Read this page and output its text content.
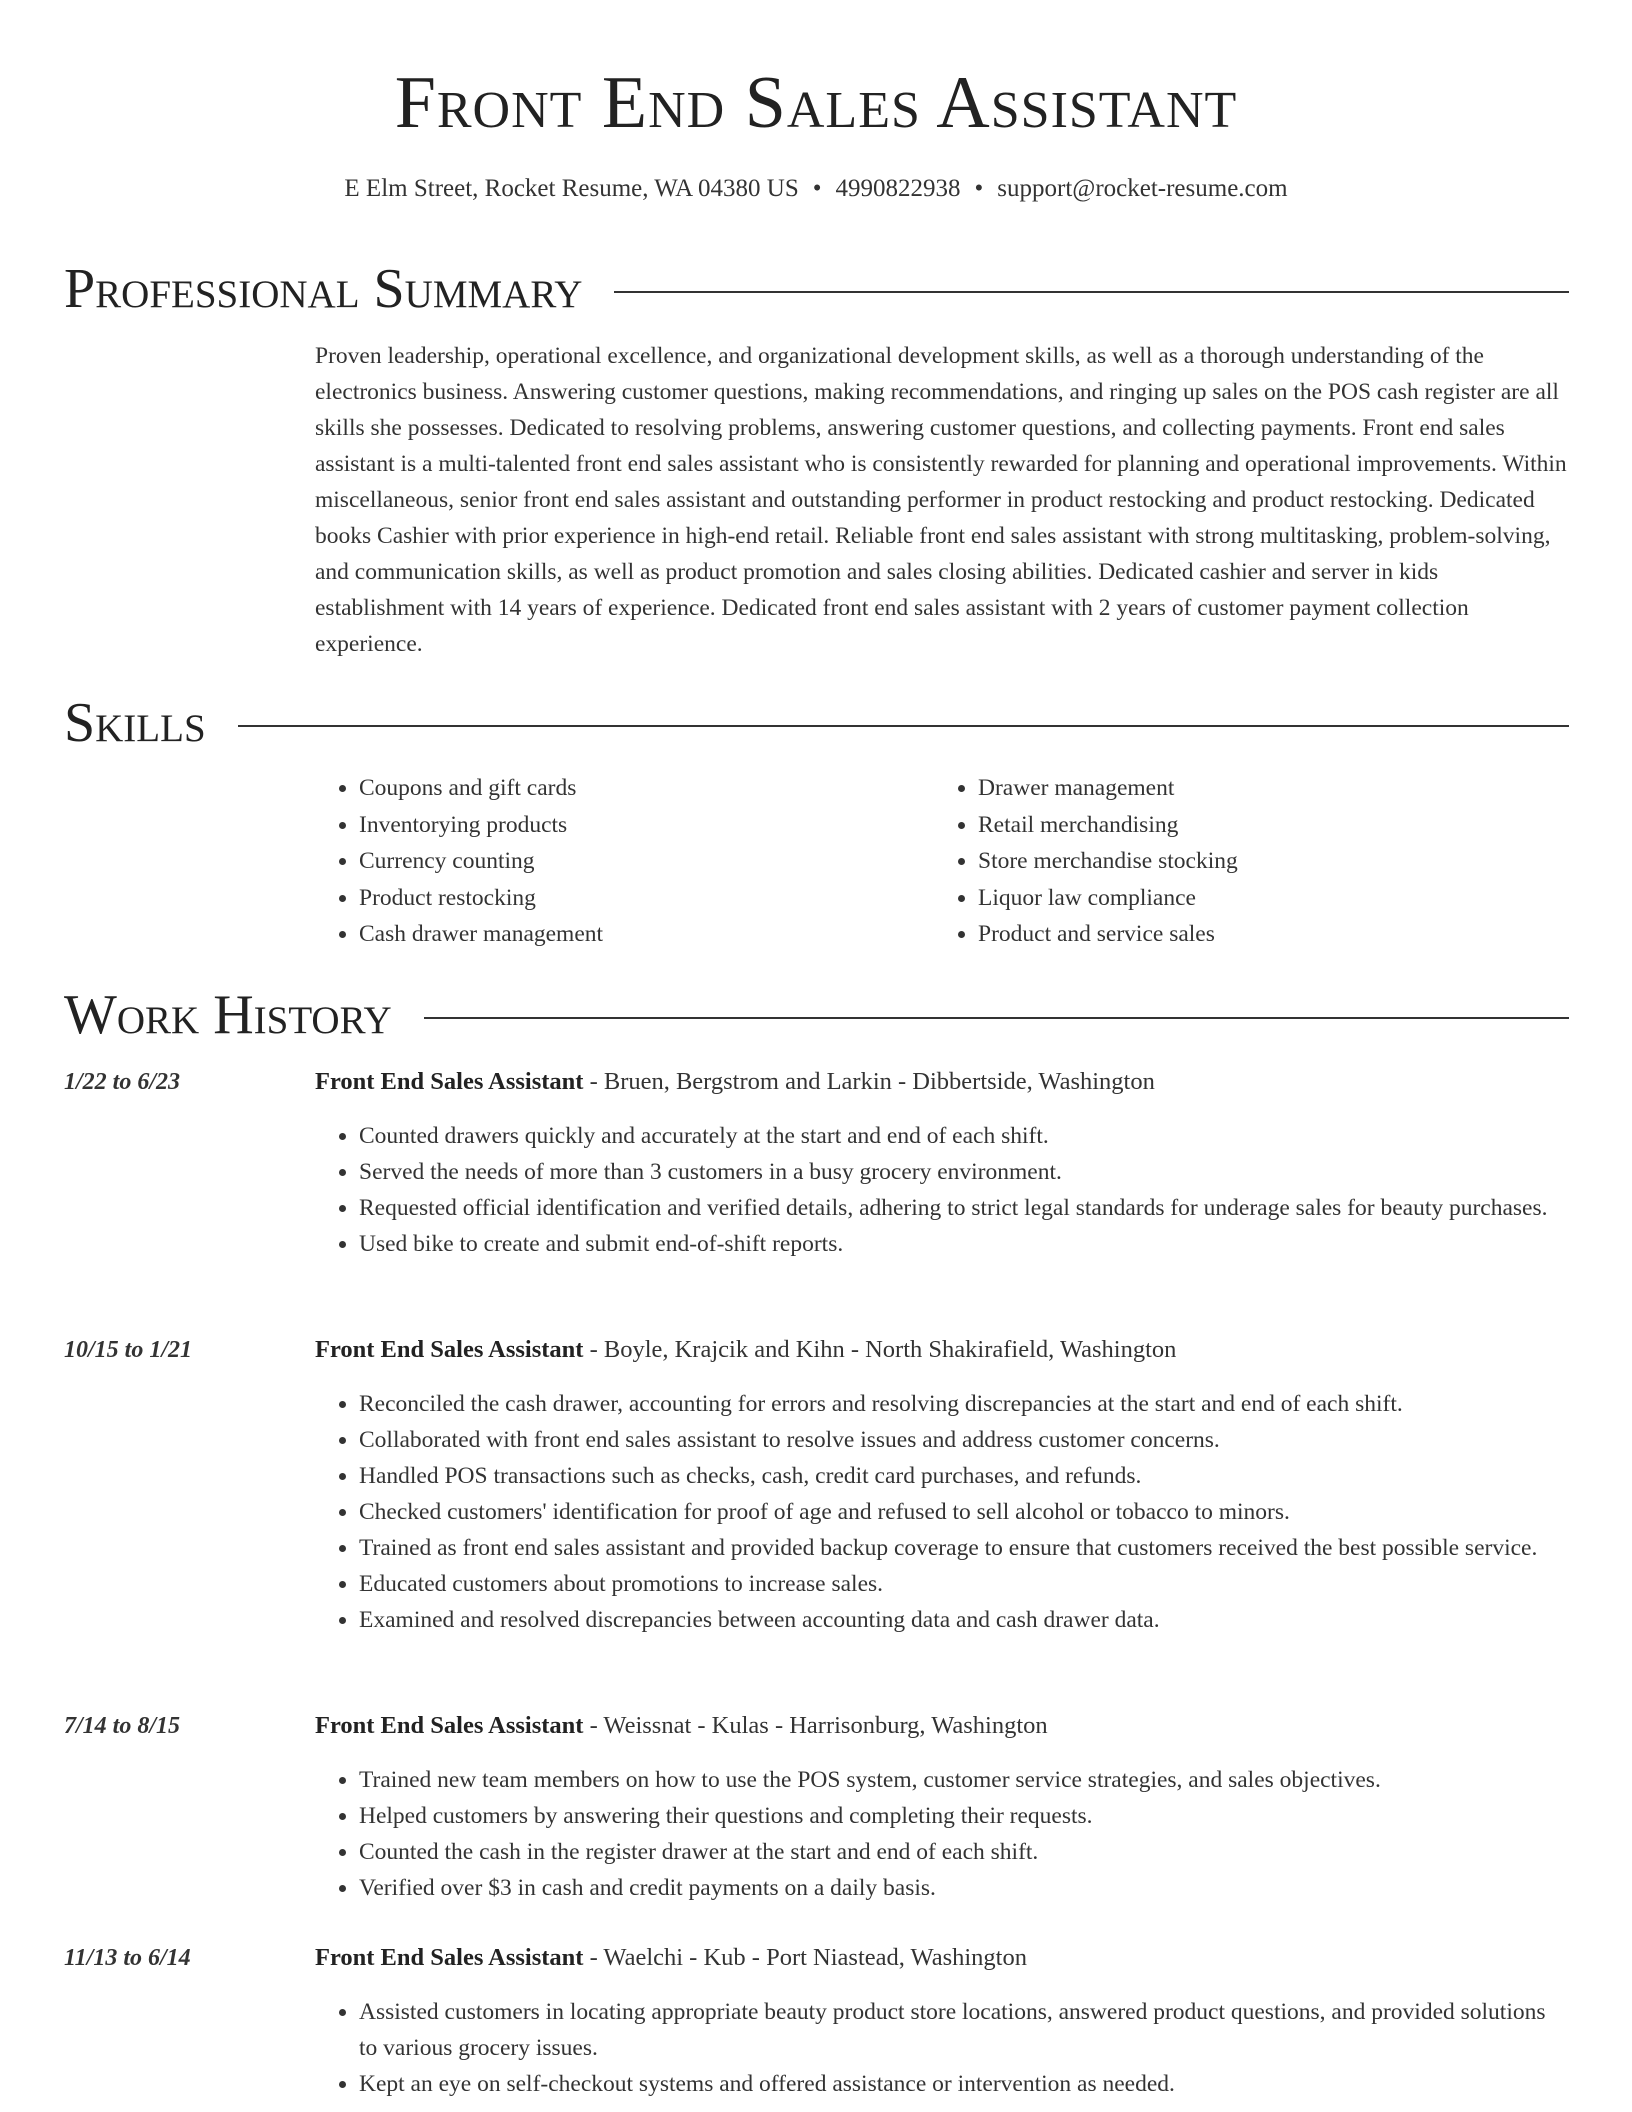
Front End Sales Assistant
E Elm Street, Rocket Resume, WA 04380 US • 4990822938 • support@rocket-resume.com
Professional Summary

Proven leadership, operational excellence, and organizational development skills, as well as a thorough understanding of the electronics business. Answering customer questions, making recommendations, and ringing up sales on the POS cash register are all skills she possesses. Dedicated to resolving problems, answering customer questions, and collecting payments. Front end sales assistant is a multi-talented front end sales assistant who is consistently rewarded for planning and operational improvements. Within miscellaneous, senior front end sales assistant and outstanding performer in product restocking and product restocking. Dedicated books Cashier with prior experience in high-end retail. Reliable front end sales assistant with strong multitasking, problem-solving, and communication skills, as well as product promotion and sales closing abilities. Dedicated cashier and server in kids establishment with 14 years of experience. Dedicated front end sales assistant with 2 years of customer payment collection experience.

Skills
• Coupons and gift cards
• Inventorying products
• Currency counting
• Product restocking
• Cash drawer management
• Drawer management
• Retail merchandising
• Store merchandise stocking
• Liquor law compliance
• Product and service sales
Work History
1/22 to 6/23	Front End Sales Assistant - Bruen, Bergstrom and Larkin - Dibbertside, Washington
• Counted drawers quickly and accurately at the start and end of each shift.
• Served the needs of more than 3 customers in a busy grocery environment.
• Requested official identification and verified details, adhering to strict legal standards for underage sales for beauty purchases.
• Used bike to create and submit end-of-shift reports.
10/15 to 1/21	Front End Sales Assistant - Boyle, Krajcik and Kihn - North Shakirafield, Washington
• Reconciled the cash drawer, accounting for errors and resolving discrepancies at the start and end of each shift.
• Collaborated with front end sales assistant to resolve issues and address customer concerns.
• Handled POS transactions such as checks, cash, credit card purchases, and refunds.
• Checked customers' identification for proof of age and refused to sell alcohol or tobacco to minors.
• Trained as front end sales assistant and provided backup coverage to ensure that customers received the best possible service.
• Educated customers about promotions to increase sales.
• Examined and resolved discrepancies between accounting data and cash drawer data.
7/14 to 8/15	Front End Sales Assistant - Weissnat - Kulas - Harrisonburg, Washington
• Trained new team members on how to use the POS system, customer service strategies, and sales objectives.
• Helped customers by answering their questions and completing their requests.
• Counted the cash in the register drawer at the start and end of each shift.
• Verified over $3 in cash and credit payments on a daily basis.
11/13 to 6/14	Front End Sales Assistant - Waelchi - Kub - Port Niastead, Washington
• Assisted customers in locating appropriate beauty product store locations, answered product questions, and provided solutions to various grocery issues.
• Kept an eye on self-checkout systems and offered assistance or intervention as needed.
